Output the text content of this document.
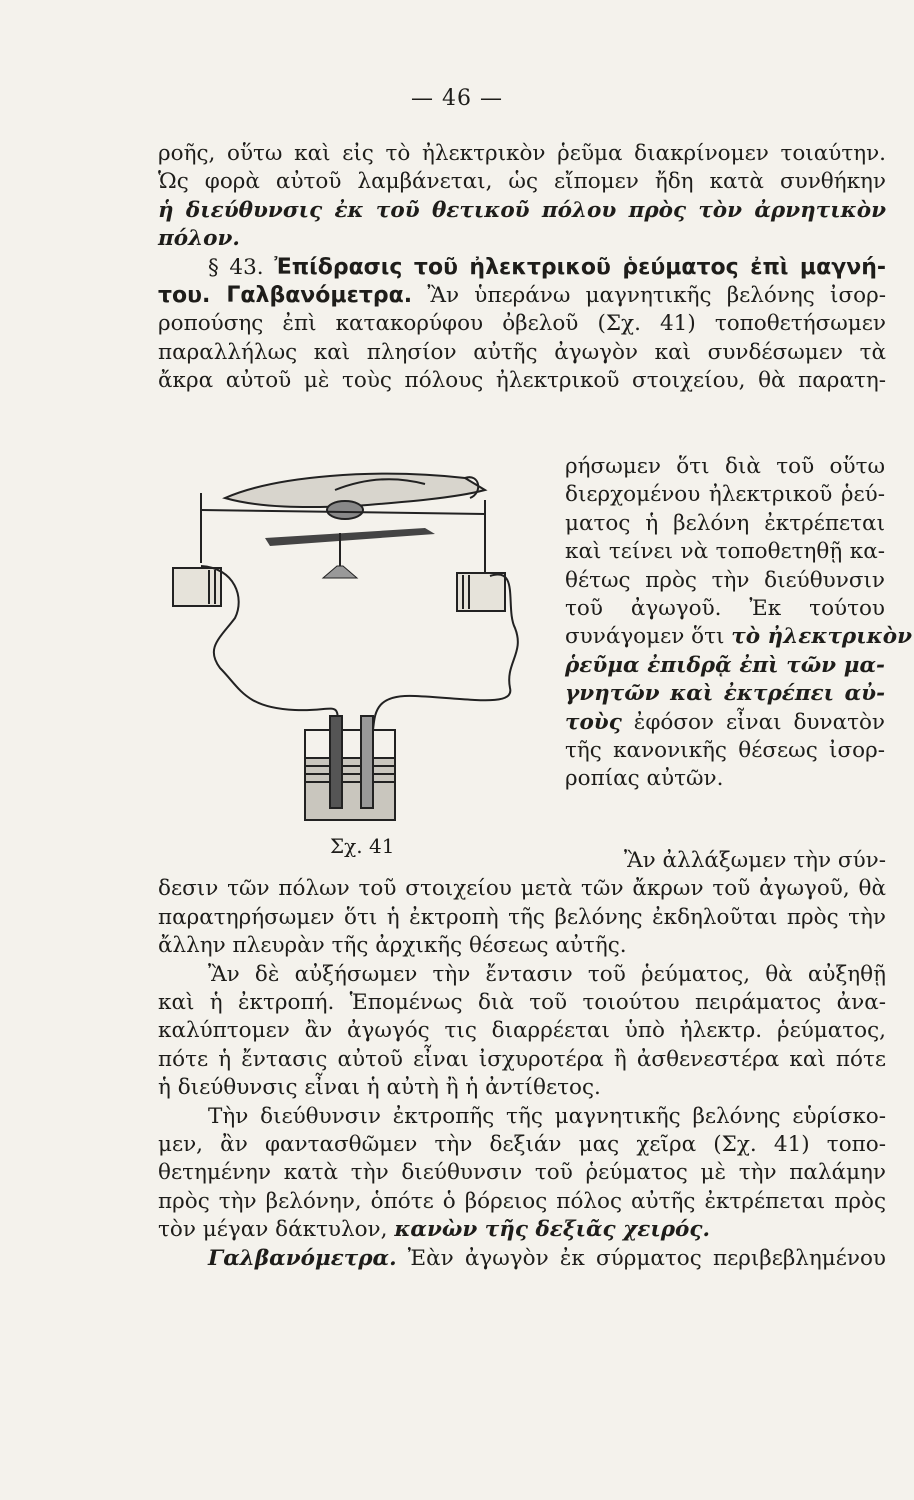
— 46 —
ροῆς, οὕτω καὶ εἰς τὸ ἠλεκτρικὸν ῥεῦμα διακρίνομεν τοιαύτην.
Ὡς φορὰ αὐτοῦ λαμβάνεται, ὡς εἴπομεν ἤδη κατὰ συνθήκην
ἡ διεύθυνσις ἐκ τοῦ θετικοῦ πόλου πρὸς τὸν ἀρνητικὸν
πόλον.
§ 43. Ἐπίδρασις τοῦ ἠλεκτρικοῦ ῥεύματος ἐπὶ μαγνή-
του. Γαλβανόμετρα. Ἂν ὑπεράνω μαγνητικῆς βελόνης ἰσορ-
ροπούσης ἐπὶ κατακορύφου ὀβελοῦ (Σχ. 41) τοποθετήσωμεν
παραλλήλως καὶ πλησίον αὐτῆς ἀγωγὸν καὶ συνδέσωμεν τὰ
ἄκρα αὐτοῦ μὲ τοὺς πόλους ἠλεκτρικοῦ στοιχείου, θὰ παρατη-
ρήσωμεν ὅτι διὰ τοῦ οὕτω
διερχομένου ἠλεκτρικοῦ ῥεύ-
ματος ἡ βελόνη ἐκτρέπεται
καὶ τείνει νὰ τοποθετηθῇ κα-
θέτως πρὸς τὴν διεύθυνσιν
τοῦ ἀγωγοῦ. Ἐκ τούτου
συνάγομεν ὅτι τὸ ἠλεκτρικὸν
ῥεῦμα ἐπιδρᾷ ἐπὶ τῶν μα-
γνητῶν καὶ ἐκτρέπει αὐ-
τοὺς ἐφόσον εἶναι δυνατὸν
τῆς κανονικῆς θέσεως ἰσορ-
ροπίας αὐτῶν.
Σχ. 41
Ἂν ἀλλάξωμεν τὴν σύν-
δεσιν τῶν πόλων τοῦ στοιχείου μετὰ τῶν ἄκρων τοῦ ἀγωγοῦ, θὰ
παρατηρήσωμεν ὅτι ἡ ἐκτροπὴ τῆς βελόνης ἐκδηλοῦται πρὸς τὴν
ἄλλην πλευρὰν τῆς ἀρχικῆς θέσεως αὐτῆς.
Ἂν δὲ αὐξήσωμεν τὴν ἔντασιν τοῦ ῥεύματος, θὰ αὐξηθῇ
καὶ ἡ ἐκτροπή. Ἑπομένως διὰ τοῦ τοιούτου πειράματος ἀνα-
καλύπτομεν ἂν ἀγωγός τις διαρρέεται ὑπὸ ἠλεκτρ. ῥεύματος,
πότε ἡ ἔντασις αὐτοῦ εἶναι ἰσχυροτέρα ἢ ἀσθενεστέρα καὶ πότε
ἡ διεύθυνσις εἶναι ἡ αὐτὴ ἢ ἡ ἀντίθετος.
Τὴν διεύθυνσιν ἐκτροπῆς τῆς μαγνητικῆς βελόνης εὑρίσκο-
μεν, ἂν φαντασθῶμεν τὴν δεξιάν μας χεῖρα (Σχ. 41) τοπο-
θετημένην κατὰ τὴν διεύθυνσιν τοῦ ῥεύματος μὲ τὴν παλάμην
πρὸς τὴν βελόνην, ὁπότε ὁ βόρειος πόλος αὐτῆς ἐκτρέπεται πρὸς
τὸν μέγαν δάκτυλον, κανὼν τῆς δεξιᾶς χειρός.
Γαλβανόμετρα. Ἐὰν ἀγωγὸν ἐκ σύρματος περιβεβλημένου
